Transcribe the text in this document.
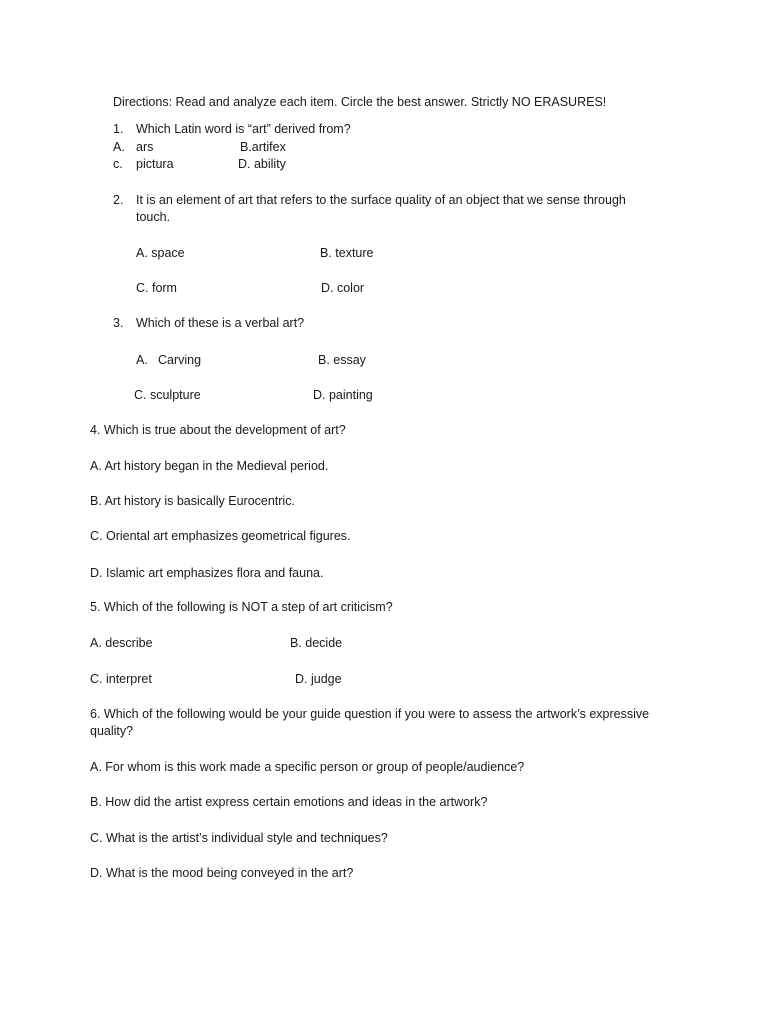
Directions: Read and analyze each item. Circle the best answer. Strictly NO ERASURES!
1. Which Latin word is “art” derived from?
A. ars	B.artifex
c. pictura	D. ability
2. It is an element of art that refers to the surface quality of an object that we sense through touch.
A. space	B. texture
C. form	D. color
3. Which of these is a verbal art?
A. Carving	B. essay
C. sculpture	D. painting
4. Which is true about the development of art?
A. Art history began in the Medieval period.
B. Art history is basically Eurocentric.
C. Oriental art emphasizes geometrical figures.
D. Islamic art emphasizes flora and fauna.
5. Which of the following is NOT a step of art criticism?
A. describe	B. decide
C. interpret	D. judge
6. Which of the following would be your guide question if you were to assess the artwork’s expressive quality?
A. For whom is this work made a specific person or group of people/audience?
B. How did the artist express certain emotions and ideas in the artwork?
C. What is the artist’s individual style and techniques?
D. What is the mood being conveyed in the art?
